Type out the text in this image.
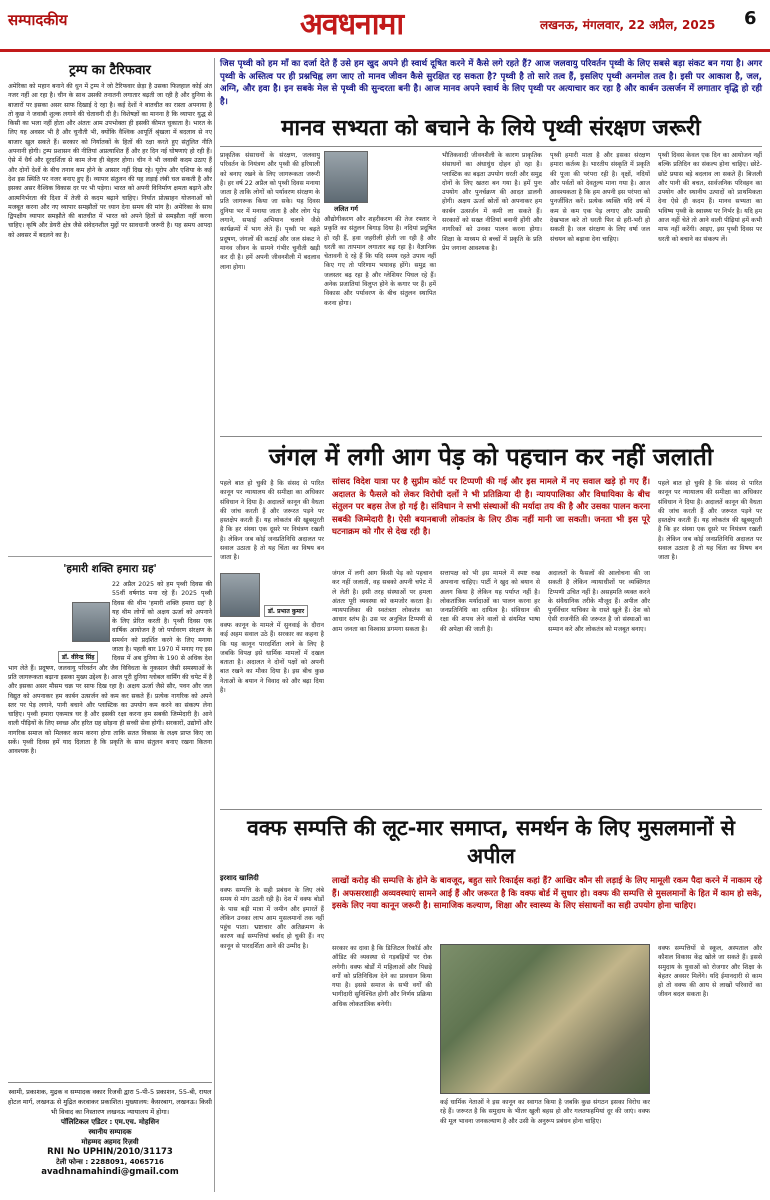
सम्पादकीय	अवधनामा	लखनऊ, मंगलवार, 22 अप्रैल, 2025 6
ट्रम्प का टैरिफवार

अमेरिका को महान बनाने की धुन में ट्रम्प ने जो टैरिफवार छेड़ा है उसका फिलहाल कोई अंत नजर नहीं आ रहा है। चीन के साथ उसकी तनातनी लगातार बढ़ती जा रही है और दुनिया के बाजारों पर इसका असर साफ दिखाई दे रहा है। कई देशों ने बातचीत का रास्ता अपनाया है तो कुछ ने जवाबी शुल्क लगाने की चेतावनी दी है। विशेषज्ञों का मानना है कि व्यापार युद्ध से किसी का भला नहीं होता और अंततः आम उपभोक्ता ही इसकी कीमत चुकाता है। भारत के लिए यह अवसर भी है और चुनौती भी, क्योंकि वैश्विक आपूर्ति श्रृंखला में बदलाव से नए बाजार खुल सकते हैं। सरकार को निर्यातकों के हितों की रक्षा करते हुए संतुलित नीति अपनानी होगी। ट्रम्प प्रशासन की नीतियां अप्रत्याशित हैं और हर दिन नई घोषणाएं हो रही हैं। ऐसे में धैर्य और दूरदर्शिता से काम लेना ही बेहतर होगा। चीन ने भी जवाबी कदम उठाए हैं और दोनों देशों के बीच तनाव कम होने के आसार नहीं दिख रहे। यूरोप और एशिया के कई देश इस स्थिति पर नजर बनाए हुए हैं। व्यापार संतुलन की यह लड़ाई लंबी चल सकती है और इसका असर वैश्विक विकास दर पर भी पड़ेगा। भारत को अपनी विनिर्माण क्षमता बढ़ाने और आत्मनिर्भरता की दिशा में तेजी से कदम बढ़ाने चाहिए। निर्यात प्रोत्साहन योजनाओं को मजबूत करना और नए व्यापार समझौतों पर ध्यान देना समय की मांग है। अमेरिका के साथ द्विपक्षीय व्यापार समझौते की बातचीत में भारत को अपने हितों से समझौता नहीं करना चाहिए। कृषि और डेयरी क्षेत्र जैसे संवेदनशील मुद्दों पर सावधानी जरूरी है। यह समय आपदा को अवसर में बदलने का है।

'हमारी शक्ति हमारा ग्रह'
डॉ. वीरेन्द्र सिंह

22 अप्रैल 2025 को हम पृथ्वी दिवस की 55वीं वर्षगांठ मना रहे हैं। 2025 पृथ्वी दिवस की थीम 'हमारी शक्ति हमारा ग्रह' है यह थीम लोगों को अक्षय ऊर्जा को अपनाने के लिए प्रेरित करती है। पृथ्वी दिवस एक वार्षिक आयोजन है जो पर्यावरण संरक्षण के समर्थन को प्रदर्शित करने के लिए मनाया जाता है। पहली बार 1970 में मनाए गए इस दिवस में अब दुनिया के 190 से अधिक देश भाग लेते हैं। प्रदूषण, जलवायु परिवर्तन और जैव विविधता के नुकसान जैसी समस्याओं के प्रति जागरूकता बढ़ाना इसका मुख्य उद्देश्य है। आज पूरी दुनिया ग्लोबल वार्मिंग की चपेट में है और इसका असर मौसम चक्र पर साफ दिख रहा है। अक्षय ऊर्जा जैसे सौर, पवन और जल विद्युत को अपनाकर हम कार्बन उत्सर्जन को कम कर सकते हैं। प्रत्येक नागरिक को अपने स्तर पर पेड़ लगाने, पानी बचाने और प्लास्टिक का उपयोग कम करने का संकल्प लेना चाहिए। पृथ्वी हमारा एकमात्र घर है और इसकी रक्षा करना हम सबकी जिम्मेदारी है। आने वाली पीढ़ियों के लिए स्वच्छ और हरित ग्रह छोड़ना ही सच्ची सेवा होगी। सरकारों, उद्योगों और नागरिक समाज को मिलकर काम करना होगा ताकि सतत विकास के लक्ष्य प्राप्त किए जा सकें। पृथ्वी दिवस हमें याद दिलाता है कि प्रकृति के साथ संतुलन बनाए रखना कितना आवश्यक है।

स्वामी, प्रकाशक, मुद्रक व सम्पादक वकार रिजवी द्वारा 5-पी-5 प्रकाशन, 55-बी, रायल होटल मार्ग, लखनऊ से मुद्रित करवाकर प्रकाशित। मुख्यालय: कैसरबाग, लखनऊ। किसी भी विवाद का निस्तारण लखनऊ न्यायालय में होगा।

पॉलिटिकल एडिटर : एम.एच. मोहसिन

स्थानीय सम्पादक

मोहम्मद अहमद रिज़वी

RNI No UPHIN/2010/31173

टेली फोन्स : 2288091, 4065716

avadhnamahindi@gmail.com

जिस पृथ्वी को हम माँ का दर्जा देते हैं उसे हम खुद अपने ही स्वार्थ दूषित करने में कैसे लगे रहते हैं? आज जलवायु परिवर्तन पृथ्वी के लिए सबसे बड़ा संकट बन गया है। अगर पृथ्वी के अस्तित्व पर ही प्रश्नचिह्न लग जाए तो मानव जीवन कैसे सुरक्षित रह सकता है? पृथ्वी है तो सारे तत्व हैं, इसलिए पृथ्वी अनमोल तत्व है। इसी पर आकाश है, जल, अग्नि, और हवा है। इन सबके मेल से पृथ्वी की सुन्दरता बनी है। आज मानव अपने स्वार्थ के लिए पृथ्वी पर अत्याचार कर रहा है और कार्बन उत्सर्जन में लगातार वृद्धि हो रही है।

मानव सभ्यता को बचाने के लिये पृथ्वी संरक्षण जरूरी

प्राकृतिक संसाधनों के संरक्षण, जलवायु परिवर्तन के नियंत्रण और पृथ्वी की हरियाली को बनाए रखने के लिए जागरूकता जरूरी है। हर वर्ष 22 अप्रैल को पृथ्वी दिवस मनाया जाता है ताकि लोगों को पर्यावरण संरक्षण के प्रति जागरूक किया जा सके। यह दिवस दुनिया भर में मनाया जाता है और लोग पेड़ लगाने, सफाई अभियान चलाने जैसे कार्यक्रमों में भाग लेते हैं। पृथ्वी पर बढ़ते प्रदूषण, जंगलों की कटाई और जल संकट ने मानव जीवन के सामने गंभीर चुनौती खड़ी कर दी है। हमें अपनी जीवनशैली में बदलाव लाना होगा।

ललित गर्ग

औद्योगीकरण और शहरीकरण की तेज रफ्तार ने प्रकृति का संतुलन बिगाड़ दिया है। नदियां प्रदूषित हो रही हैं, हवा जहरीली होती जा रही है और धरती का तापमान लगातार बढ़ रहा है। वैज्ञानिक चेतावनी दे रहे हैं कि यदि समय रहते उपाय नहीं किए गए तो परिणाम भयावह होंगे। समुद्र का जलस्तर बढ़ रहा है और ग्लेशियर पिघल रहे हैं। अनेक प्रजातियां विलुप्त होने के कगार पर हैं। हमें विकास और पर्यावरण के बीच संतुलन स्थापित करना होगा।

भौतिकवादी जीवनशैली के कारण प्राकृतिक संसाधनों का अंधाधुंध दोहन हो रहा है। प्लास्टिक का बढ़ता उपयोग धरती और समुद्र दोनों के लिए खतरा बन गया है। हमें पुनः उपयोग और पुनर्चक्रण की आदत डालनी होगी। अक्षय ऊर्जा स्रोतों को अपनाकर हम कार्बन उत्सर्जन में कमी ला सकते हैं। सरकारों को सख्त नीतियां बनानी होंगी और नागरिकों को उनका पालन करना होगा। शिक्षा के माध्यम से बच्चों में प्रकृति के प्रति प्रेम जगाना आवश्यक है।

पृथ्वी हमारी माता है और इसका संरक्षण हमारा कर्तव्य है। भारतीय संस्कृति में प्रकृति की पूजा की परंपरा रही है। वृक्षों, नदियों और पर्वतों को देवतुल्य माना गया है। आज आवश्यकता है कि हम अपनी इस परंपरा को पुनर्जीवित करें। प्रत्येक व्यक्ति यदि वर्ष में कम से कम एक पेड़ लगाए और उसकी देखभाल करे तो धरती फिर से हरी-भरी हो सकती है। जल संरक्षण के लिए वर्षा जल संचयन को बढ़ावा देना चाहिए।

पृथ्वी दिवस केवल एक दिन का आयोजन नहीं बल्कि प्रतिदिन का संकल्प होना चाहिए। छोटे-छोटे प्रयास बड़े बदलाव ला सकते हैं। बिजली और पानी की बचत, सार्वजनिक परिवहन का उपयोग और स्थानीय उत्पादों को प्राथमिकता देना ऐसे ही कदम हैं। मानव सभ्यता का भविष्य पृथ्वी के स्वास्थ्य पर निर्भर है। यदि हम आज नहीं चेते तो आने वाली पीढ़ियां हमें कभी माफ नहीं करेंगी। आइए, इस पृथ्वी दिवस पर धरती को बचाने का संकल्प लें।

जंगल में लगी आग पेड़ को पहचान कर नहीं जलाती

पहले बात हो चुकी है कि संसद से पारित कानून पर न्यायालय की समीक्षा का अधिकार संविधान ने दिया है। अदालतें कानून की वैधता की जांच करती हैं और जरूरत पड़ने पर हस्तक्षेप करती हैं। यह लोकतंत्र की खूबसूरती है कि हर संस्था एक दूसरे पर नियंत्रण रखती है। लेकिन जब कोई जनप्रतिनिधि अदालत पर सवाल उठाता है तो यह चिंता का विषय बन जाता है।

डॉ. प्रभात कुमार

वक्फ कानून के मामले में सुनवाई के दौरान कई अहम सवाल उठे हैं। सरकार का कहना है कि यह कानून पारदर्शिता लाने के लिए है जबकि विपक्ष इसे धार्मिक मामलों में दखल बताता है। अदालत ने दोनों पक्षों को अपनी बात रखने का मौका दिया है। इस बीच कुछ नेताओं के बयान ने विवाद को और बढ़ा दिया है।

सांसद विदेश यात्रा पर है सुप्रीम कोर्ट पर टिप्पणी की गई और इस मामले में नए सवाल खड़े हो गए हैं। अदालत के फैसले को लेकर विरोधी दलों ने भी प्रतिक्रिया दी है। न्यायपालिका और विधायिका के बीच संतुलन पर बहस तेज हो गई है। संविधान ने सभी संस्थाओं की मर्यादा तय की है और उसका पालन करना सबकी जिम्मेदारी है। ऐसी बयानबाजी लोकतंत्र के लिए ठीक नहीं मानी जा सकती। जनता भी इस पूरे घटनाक्रम को गौर से देख रही है।

जंगल में लगी आग किसी पेड़ को पहचान कर नहीं जलाती, वह सबको अपनी चपेट में ले लेती है। इसी तरह संस्थाओं पर हमला अंततः पूरी व्यवस्था को कमजोर करता है। न्यायपालिका की स्वतंत्रता लोकतंत्र का आधार स्तंभ है। उस पर अनुचित टिप्पणी से आम जनता का विश्वास डगमगा सकता है।

सत्तापक्ष को भी इस मामले में स्पष्ट रुख अपनाना चाहिए। पार्टी ने खुद को बयान से अलग किया है लेकिन यह पर्याप्त नहीं है। लोकतांत्रिक मर्यादाओं का पालन करना हर जनप्रतिनिधि का दायित्व है। संविधान की रक्षा की शपथ लेने वालों से संयमित भाषा की अपेक्षा की जाती है।

अदालतों के फैसलों की आलोचना की जा सकती है लेकिन न्यायाधीशों पर व्यक्तिगत टिप्पणी उचित नहीं है। असहमति व्यक्त करने के संवैधानिक तरीके मौजूद हैं। अपील और पुनर्विचार याचिका के रास्ते खुले हैं। देश को ऐसी राजनीति की जरूरत है जो संस्थाओं का सम्मान करे और लोकतंत्र को मजबूत बनाए।

पहले बात हो चुकी है कि संसद से पारित कानून पर न्यायालय की समीक्षा का अधिकार संविधान ने दिया है। अदालतें कानून की वैधता की जांच करती हैं और जरूरत पड़ने पर हस्तक्षेप करती हैं। यह लोकतंत्र की खूबसूरती है कि हर संस्था एक दूसरे पर नियंत्रण रखती है। लेकिन जब कोई जनप्रतिनिधि अदालत पर सवाल उठाता है तो यह चिंता का विषय बन जाता है।

वक्फ सम्पत्ति की लूट-मार समाप्त, समर्थन के लिए मुसलमानों से अपील
इरशाद खालिदी

वक्फ सम्पत्ति के सही प्रबंधन के लिए लंबे समय से मांग उठती रही है। देश में वक्फ बोर्डों के पास बड़ी मात्रा में जमीन और इमारतें हैं लेकिन उनका लाभ आम मुसलमानों तक नहीं पहुंच पाता। भ्रष्टाचार और अतिक्रमण के कारण कई सम्पत्तियां बर्बाद हो चुकी हैं। नए कानून से पारदर्शिता आने की उम्मीद है।

लाखों करोड़ की सम्पत्ति के होने के बावजूद, बहुत सारे रिकार्ड्स कहां हैं? आखिर कौन सी लड़ाई के लिए मामूली रकम पैदा करने में नाकाम रहे हैं। अफसरशाही अव्यवस्थाएं सामने आई हैं और जरूरत है कि वक्फ बोर्ड में सुधार हो। वक्फ की सम्पत्ति से मुसलमानों के हित में काम हो सके, इसके लिए नया कानून जरूरी है। सामाजिक कल्याण, शिक्षा और स्वास्थ्य के लिए संसाधनों का सही उपयोग होना चाहिए।

सरकार का दावा है कि डिजिटल रिकॉर्ड और ऑडिट की व्यवस्था से गड़बड़ियों पर रोक लगेगी। वक्फ बोर्डों में महिलाओं और पिछड़े वर्गों को प्रतिनिधित्व देने का प्रावधान किया गया है। इससे समाज के सभी वर्गों की भागीदारी सुनिश्चित होगी और निर्णय प्रक्रिया अधिक लोकतांत्रिक बनेगी।

कई धार्मिक नेताओं ने इस कानून का स्वागत किया है जबकि कुछ संगठन इसका विरोध कर रहे हैं। जरूरत है कि समुदाय के भीतर खुली बहस हो और गलतफहमियां दूर की जाएं। वक्फ की मूल भावना जनकल्याण है और उसी के अनुरूप प्रबंधन होना चाहिए।

वक्फ सम्पत्तियों से स्कूल, अस्पताल और कौशल विकास केंद्र खोले जा सकते हैं। इससे समुदाय के युवाओं को रोजगार और शिक्षा के बेहतर अवसर मिलेंगे। यदि ईमानदारी से काम हो तो वक्फ की आय से लाखों परिवारों का जीवन बदल सकता है।
